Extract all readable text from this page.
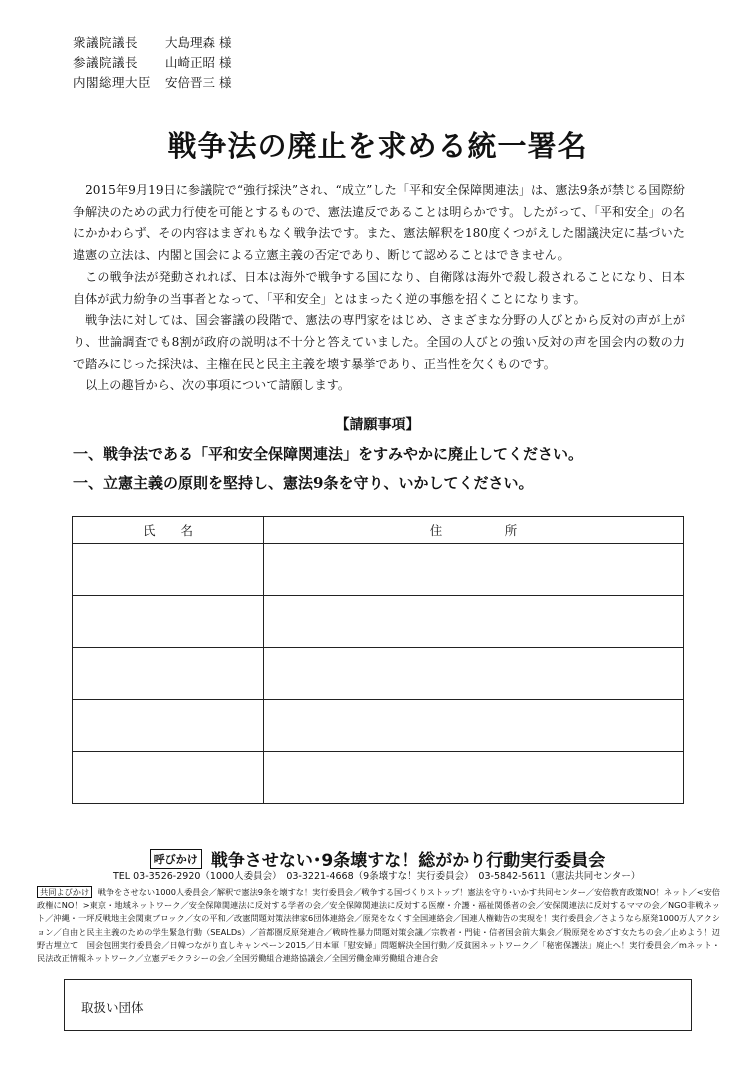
衆議院議長	大島理森 様
参議院議長	山崎正昭 様
内閣総理大臣	安倍晋三 様
戦争法の廃止を求める統一署名

2015年9月19日に参議院で“強行採決”され、“成立”した「平和安全保障関連法」は、憲法9条が禁じる国際紛争解決のための武力行使を可能とするもので、憲法違反であることは明らかです。したがって、「平和安全」の名にかかわらず、その内容はまぎれもなく戦争法です。また、憲法解釈を180度くつがえした閣議決定に基づいた違憲の立法は、内閣と国会による立憲主義の否定であり、断じて認めることはできません。

この戦争法が発動されれば、日本は海外で戦争する国になり、自衛隊は海外で殺し殺されることになり、日本自体が武力紛争の当事者となって、「平和安全」とはまったく逆の事態を招くことになります。

戦争法に対しては、国会審議の段階で、憲法の専門家をはじめ、さまざまな分野の人びとから反対の声が上がり、世論調査でも8割が政府の説明は不十分と答えていました。全国の人びとの強い反対の声を国会内の数の力で踏みにじった採決は、主権在民と民主主義を壊す暴挙であり、正当性を欠くものです。

以上の趣旨から、次の事項について請願します。

【請願事項】
一、戦争法である「平和安全保障関連法」をすみやかに廃止してください。
一、立憲主義の原則を堅持し、憲法9条を守り、いかしてください。
氏　　名	住　　　　　所

呼びかけ 戦争させない･9条壊すな！総がかり行動実行委員会
TEL 03-3526-2920（1000人委員会）　03-3221-4668（9条壊すな！実行委員会）　03-5842-5611（憲法共同センター）
共同よびかけ 戦争をさせない1000人委員会／解釈で憲法9条を壊すな！実行委員会／戦争する国づくりストップ！憲法を守り･いかす共同センター／安倍教育政策NO！ネット／<安倍政権にNO！>東京・地域ネットワーク／安全保障関連法に反対する学者の会／安全保障関連法に反対する医療・介護・福祉関係者の会／安保関連法に反対するママの会／NGO非戦ネット／沖縄・一坪反戦地主会関東ブロック／女の平和／改憲問題対策法律家6団体連絡会／原発をなくす全国連絡会／国連人権勧告の実現を！実行委員会／さようなら原発1000万人アクション／自由と民主主義のための学生緊急行動（SEALDs）／首都圏反原発連合／戦時性暴力問題対策会議／宗教者・門徒・信者国会前大集会／脱原発をめざす女たちの会／止めよう！辺野古埋立て　国会包囲実行委員会／日韓つながり直しキャンペーン2015／日本軍「慰安婦」問題解決全国行動／反貧困ネットワーク／「秘密保護法」廃止へ！実行委員会／mネット・民法改正情報ネットワーク／立憲デモクラシーの会／全国労働組合連絡協議会／全国労働金庫労働組合連合会
取扱い団体
